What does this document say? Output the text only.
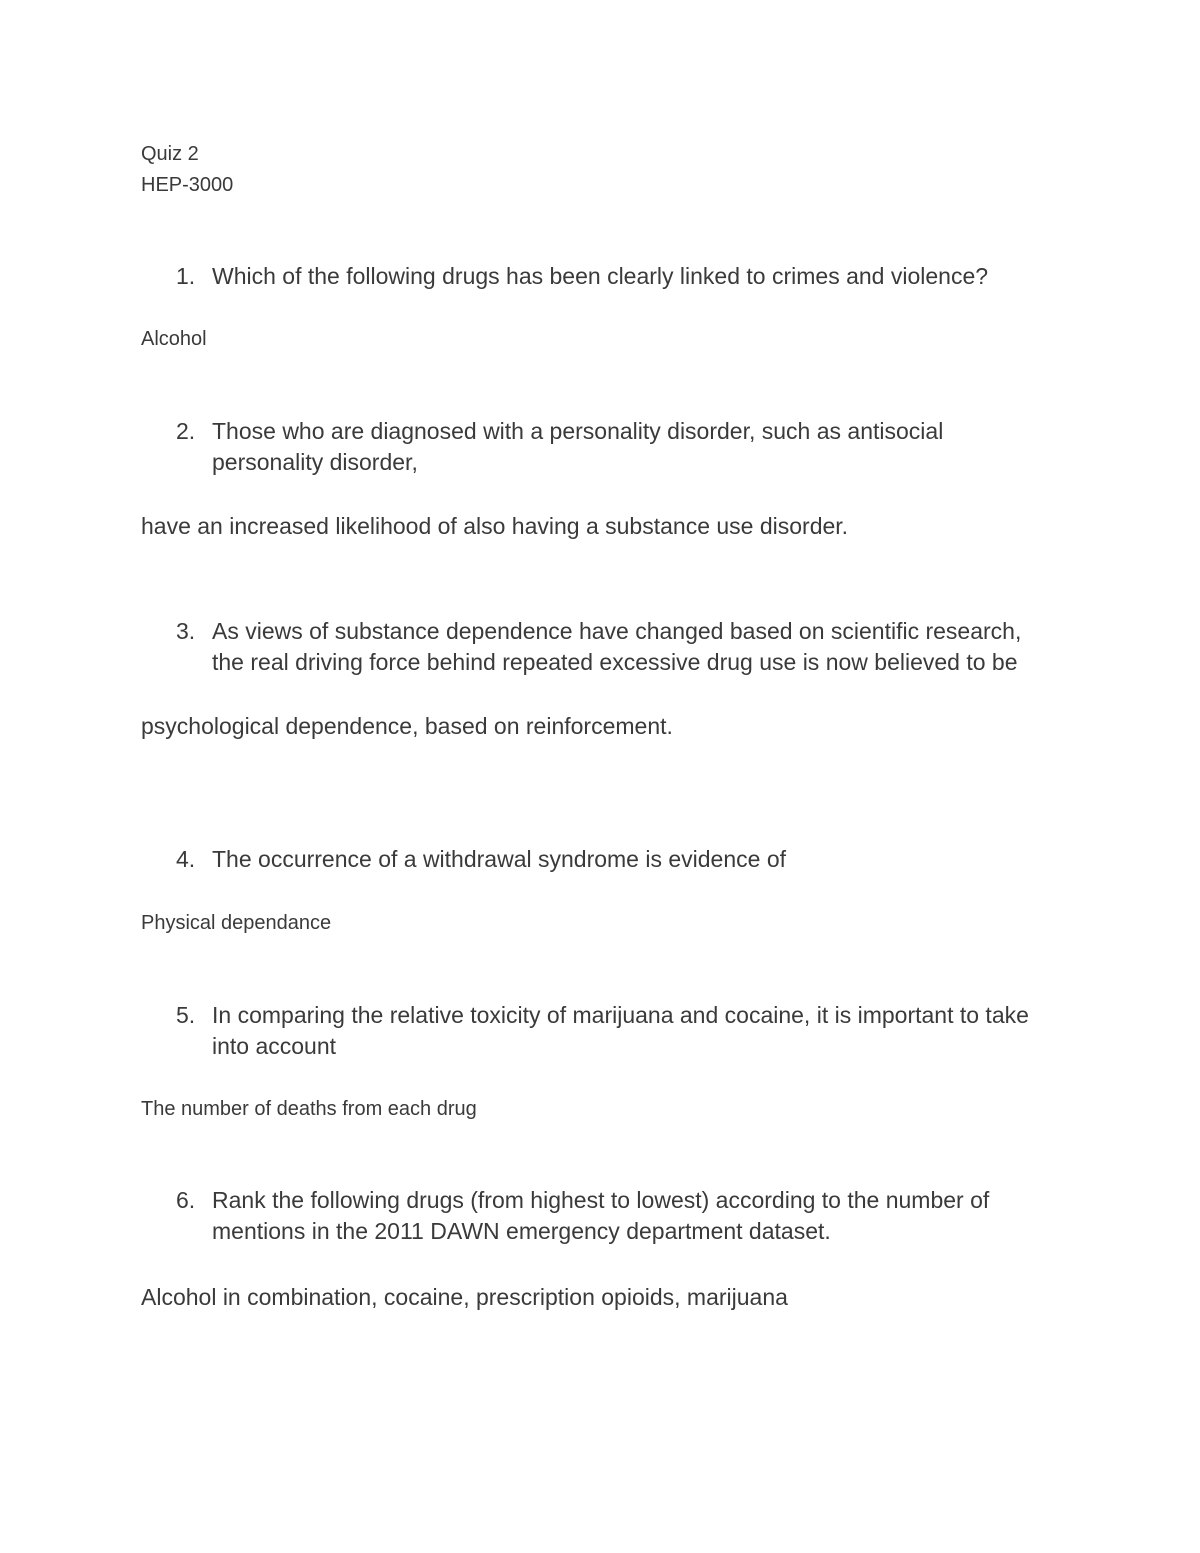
Quiz 2
HEP-3000
1. Which of the following drugs has been clearly linked to crimes and violence?
Alcohol
2. Those who are diagnosed with a personality disorder, such as antisocial
personality disorder,
have an increased likelihood of also having a substance use disorder.
3. As views of substance dependence have changed based on scientific research,
the real driving force behind repeated excessive drug use is now believed to be
psychological dependence, based on reinforcement.
4. The occurrence of a withdrawal syndrome is evidence of
Physical dependance
5. In comparing the relative toxicity of marijuana and cocaine, it is important to take
into account
The number of deaths from each drug
6. Rank the following drugs (from highest to lowest) according to the number of
mentions in the 2011 DAWN emergency department dataset.
Alcohol in combination, cocaine, prescription opioids, marijuana
